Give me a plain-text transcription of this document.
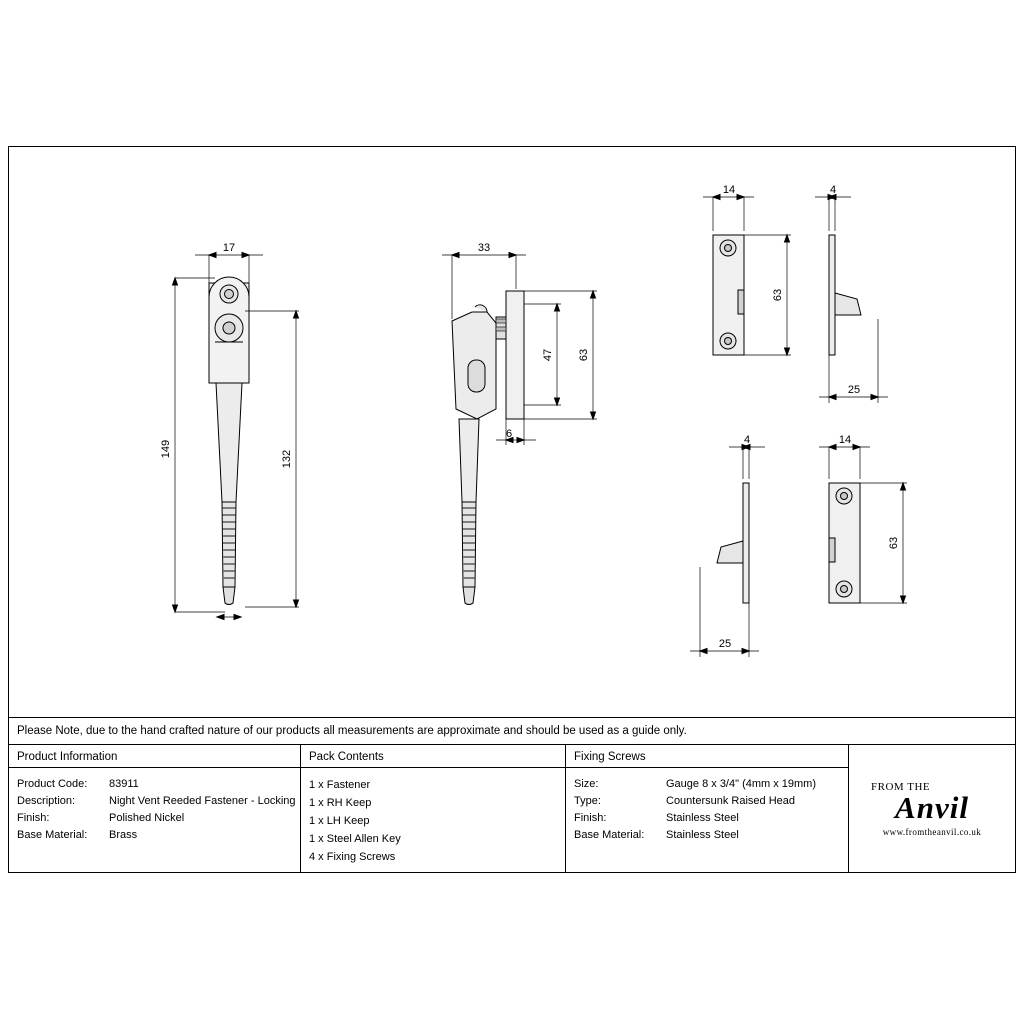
17
149
132
33
47 63
6
14
63
4
25
4
25
14
63
Please Note, due to the hand crafted nature of our products all measurements are approximate and should be used as a guide only.
Product Information
Product Code:	83911
Description:	Night Vent Reeded Fastener - Locking
Finish:	Polished Nickel
Base Material:	Brass
Pack Contents
1 x Fastener
1 x RH Keep
1 x LH Keep
1 x Steel Allen Key
4 x Fixing Screws
Fixing Screws
Size:	Gauge 8 x 3/4" (4mm x 19mm)
Type:	Countersunk Raised Head
Finish:	Stainless Steel
Base Material:	Stainless Steel
FROM THE
Anvil
www.fromtheanvil.co.uk
